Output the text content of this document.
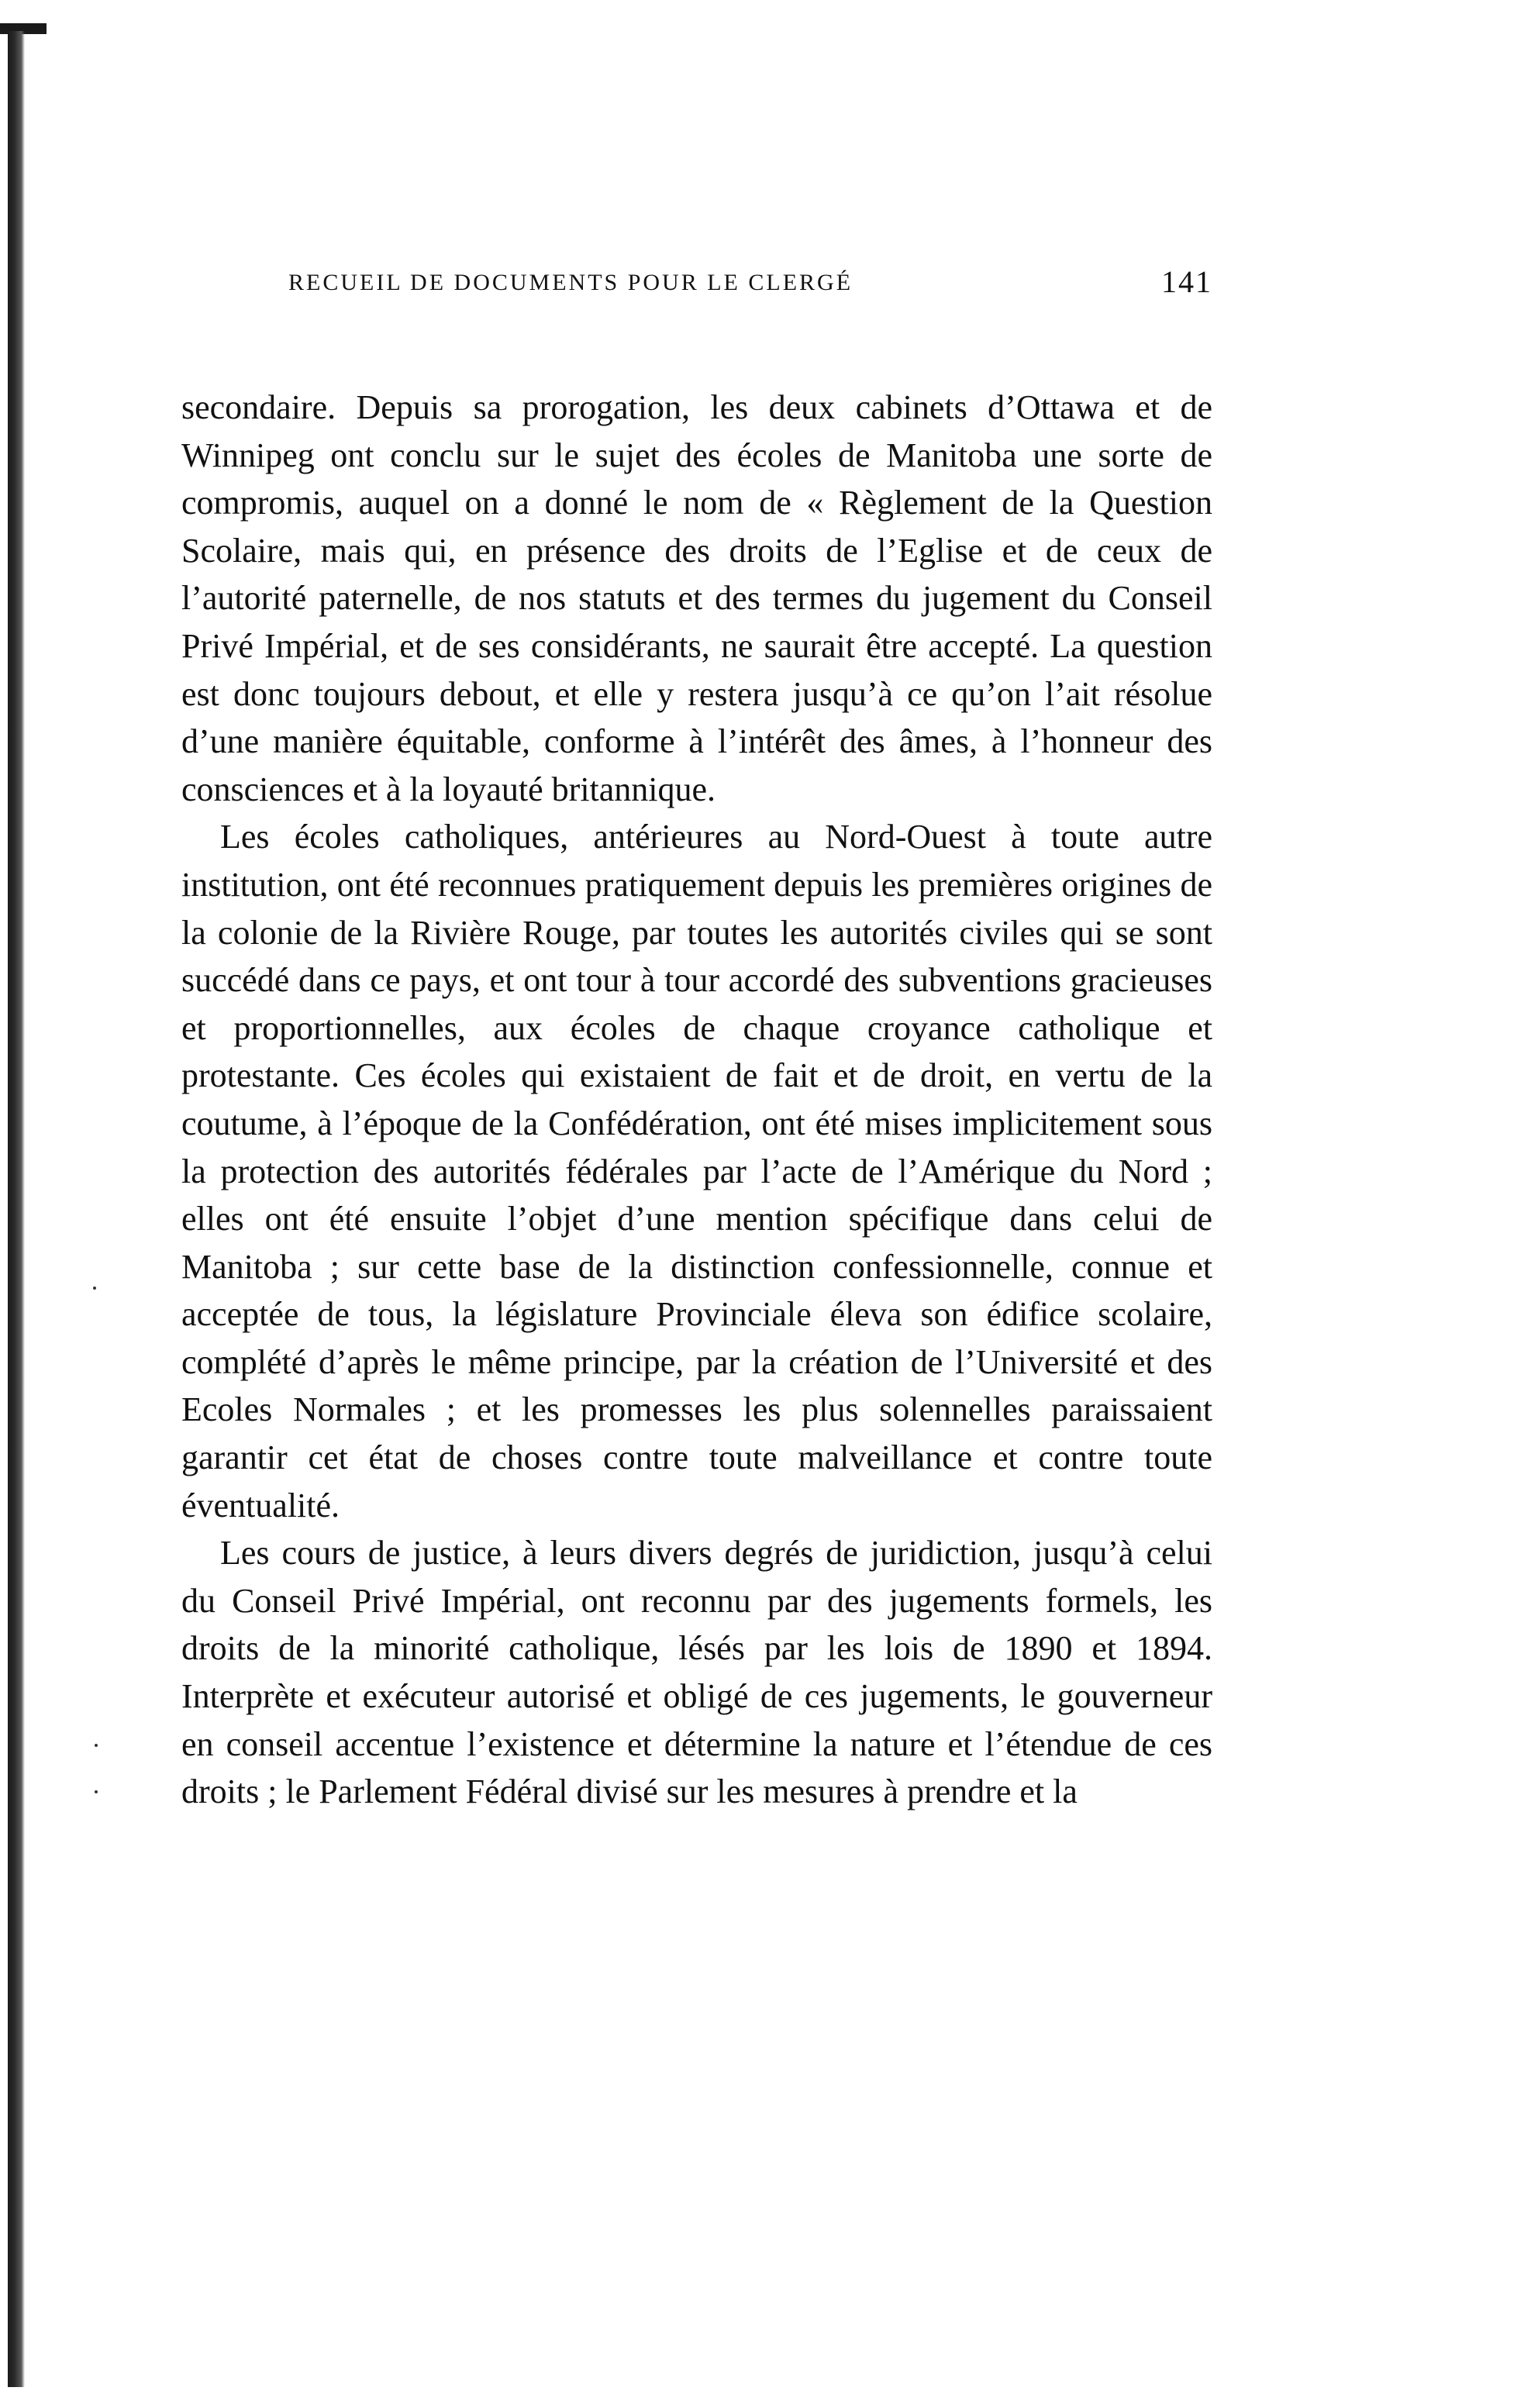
RECUEIL DE DOCUMENTS POUR LE CLERGÉ	141

secondaire. Depuis sa prorogation, les deux cabinets d’Ottawa et de Winnipeg ont conclu sur le sujet des écoles de Manitoba une sorte de compromis, auquel on a donné le nom de « Règlement de la Question Scolaire, mais qui, en présence des droits de l’Eglise et de ceux de l’autorité paternelle, de nos statuts et des termes du jugement du Conseil Privé Impérial, et de ses considérants, ne saurait être accepté. La question est donc toujours debout, et elle y restera jusqu’à ce qu’on l’ait résolue d’une manière équitable, conforme à l’intérêt des âmes, à l’honneur des consciences et à la loyauté britannique.

Les écoles catholiques, antérieures au Nord-Ouest à toute autre institution, ont été reconnues pratiquement depuis les premières origines de la colonie de la Rivière Rouge, par toutes les autorités civiles qui se sont succédé dans ce pays, et ont tour à tour accordé des subventions gracieuses et proportionnelles, aux écoles de chaque croyance catholique et protestante. Ces écoles qui existaient de fait et de droit, en vertu de la coutume, à l’époque de la Confédération, ont été mises implicitement sous la protection des autorités fédérales par l’acte de l’Amérique du Nord ; elles ont été ensuite l’objet d’une mention spécifique dans celui de Manitoba ; sur cette base de la distinction confessionnelle, connue et acceptée de tous, la législature Provinciale éleva son édifice scolaire, complété d’après le même principe, par la création de l’Université et des Ecoles Normales ; et les promesses les plus solennelles paraissaient garantir cet état de choses contre toute malveillance et contre toute éventualité.

Les cours de justice, à leurs divers degrés de juridiction, jusqu’à celui du Conseil Privé Impérial, ont reconnu par des jugements formels, les droits de la minorité catholique, lésés par les lois de 1890 et 1894. Interprète et exécuteur autorisé et obligé de ces jugements, le gouverneur en conseil accentue l’existence et détermine la nature et l’étendue de ces droits ; le Parlement Fédéral divisé sur les mesures à prendre et la
